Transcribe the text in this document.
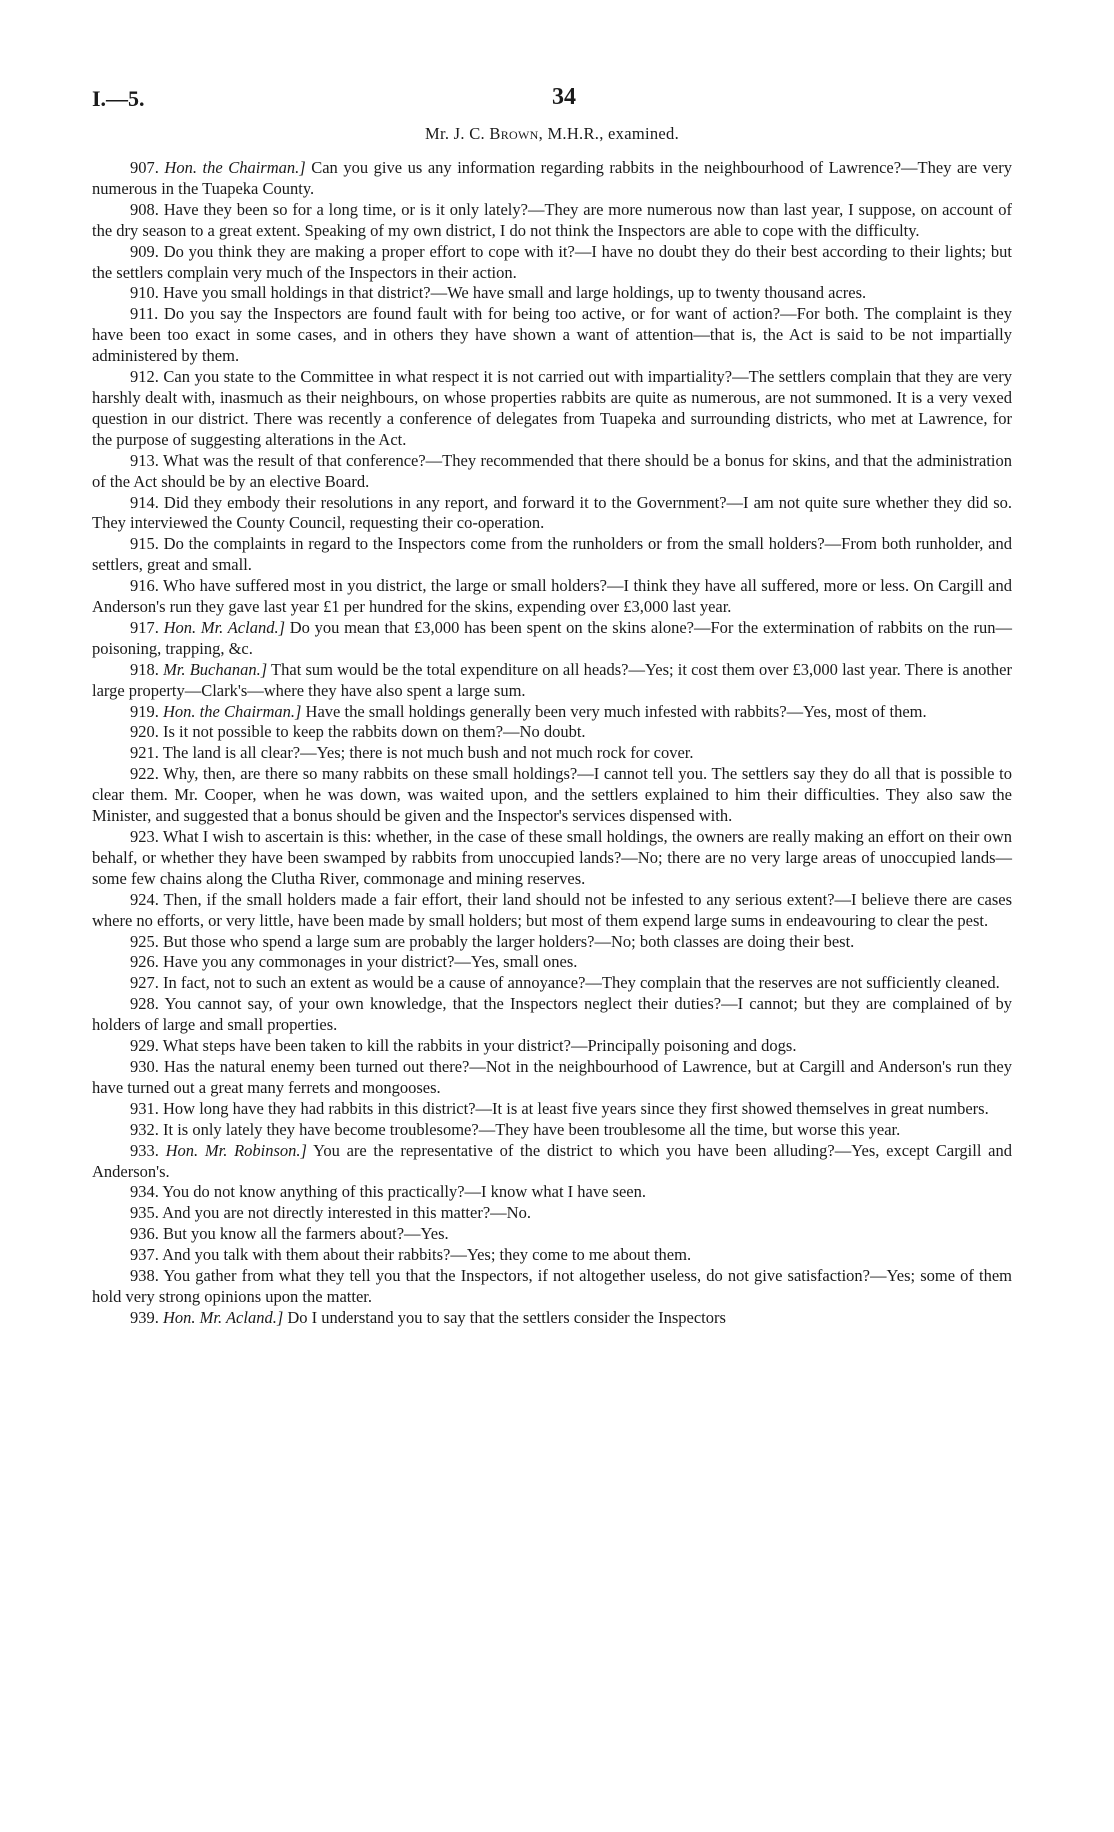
I.—5.	34
Mr. J. C. Brown, M.H.R., examined.

907. Hon. the Chairman.] Can you give us any information regarding rabbits in the neighbourhood of Lawrence?—They are very numerous in the Tuapeka County.

908. Have they been so for a long time, or is it only lately?—They are more numerous now than last year, I suppose, on account of the dry season to a great extent. Speaking of my own district, I do not think the Inspectors are able to cope with the difficulty.

909. Do you think they are making a proper effort to cope with it?—I have no doubt they do their best according to their lights; but the settlers complain very much of the Inspectors in their action.

910. Have you small holdings in that district?—We have small and large holdings, up to twenty thousand acres.

911. Do you say the Inspectors are found fault with for being too active, or for want of action?—For both. The complaint is they have been too exact in some cases, and in others they have shown a want of attention—that is, the Act is said to be not impartially administered by them.

912. Can you state to the Committee in what respect it is not carried out with impartiality?—The settlers complain that they are very harshly dealt with, inasmuch as their neighbours, on whose properties rabbits are quite as numerous, are not summoned. It is a very vexed question in our district. There was recently a conference of delegates from Tuapeka and surrounding districts, who met at Lawrence, for the purpose of suggesting alterations in the Act.

913. What was the result of that conference?—They recommended that there should be a bonus for skins, and that the administration of the Act should be by an elective Board.

914. Did they embody their resolutions in any report, and forward it to the Government?—I am not quite sure whether they did so. They interviewed the County Council, requesting their co-operation.

915. Do the complaints in regard to the Inspectors come from the runholders or from the small holders?—From both runholder, and settlers, great and small.

916. Who have suffered most in you district, the large or small holders?—I think they have all suffered, more or less. On Cargill and Anderson's run they gave last year £1 per hundred for the skins, expending over £3,000 last year.

917. Hon. Mr. Acland.] Do you mean that £3,000 has been spent on the skins alone?—For the extermination of rabbits on the run—poisoning, trapping, &c.

918. Mr. Buchanan.] That sum would be the total expenditure on all heads?—Yes; it cost them over £3,000 last year. There is another large property—Clark's—where they have also spent a large sum.

919. Hon. the Chairman.] Have the small holdings generally been very much infested with rabbits?—Yes, most of them.

920. Is it not possible to keep the rabbits down on them?—No doubt.

921. The land is all clear?—Yes; there is not much bush and not much rock for cover.

922. Why, then, are there so many rabbits on these small holdings?—I cannot tell you. The settlers say they do all that is possible to clear them. Mr. Cooper, when he was down, was waited upon, and the settlers explained to him their difficulties. They also saw the Minister, and suggested that a bonus should be given and the Inspector's services dispensed with.

923. What I wish to ascertain is this: whether, in the case of these small holdings, the owners are really making an effort on their own behalf, or whether they have been swamped by rabbits from unoccupied lands?—No; there are no very large areas of unoccupied lands—some few chains along the Clutha River, commonage and mining reserves.

924. Then, if the small holders made a fair effort, their land should not be infested to any serious extent?—I believe there are cases where no efforts, or very little, have been made by small holders; but most of them expend large sums in endeavouring to clear the pest.

925. But those who spend a large sum are probably the larger holders?—No; both classes are doing their best.

926. Have you any commonages in your district?—Yes, small ones.

927. In fact, not to such an extent as would be a cause of annoyance?—They complain that the reserves are not sufficiently cleaned.

928. You cannot say, of your own knowledge, that the Inspectors neglect their duties?—I cannot; but they are complained of by holders of large and small properties.

929. What steps have been taken to kill the rabbits in your district?—Principally poisoning and dogs.

930. Has the natural enemy been turned out there?—Not in the neighbourhood of Lawrence, but at Cargill and Anderson's run they have turned out a great many ferrets and mongooses.

931. How long have they had rabbits in this district?—It is at least five years since they first showed themselves in great numbers.

932. It is only lately they have become troublesome?—They have been troublesome all the time, but worse this year.

933. Hon. Mr. Robinson.] You are the representative of the district to which you have been alluding?—Yes, except Cargill and Anderson's.

934. You do not know anything of this practically?—I know what I have seen.

935. And you are not directly interested in this matter?—No.

936. But you know all the farmers about?—Yes.

937. And you talk with them about their rabbits?—Yes; they come to me about them.

938. You gather from what they tell you that the Inspectors, if not altogether useless, do not give satisfaction?—Yes; some of them hold very strong opinions upon the matter.

939. Hon. Mr. Acland.] Do I understand you to say that the settlers consider the Inspectors
